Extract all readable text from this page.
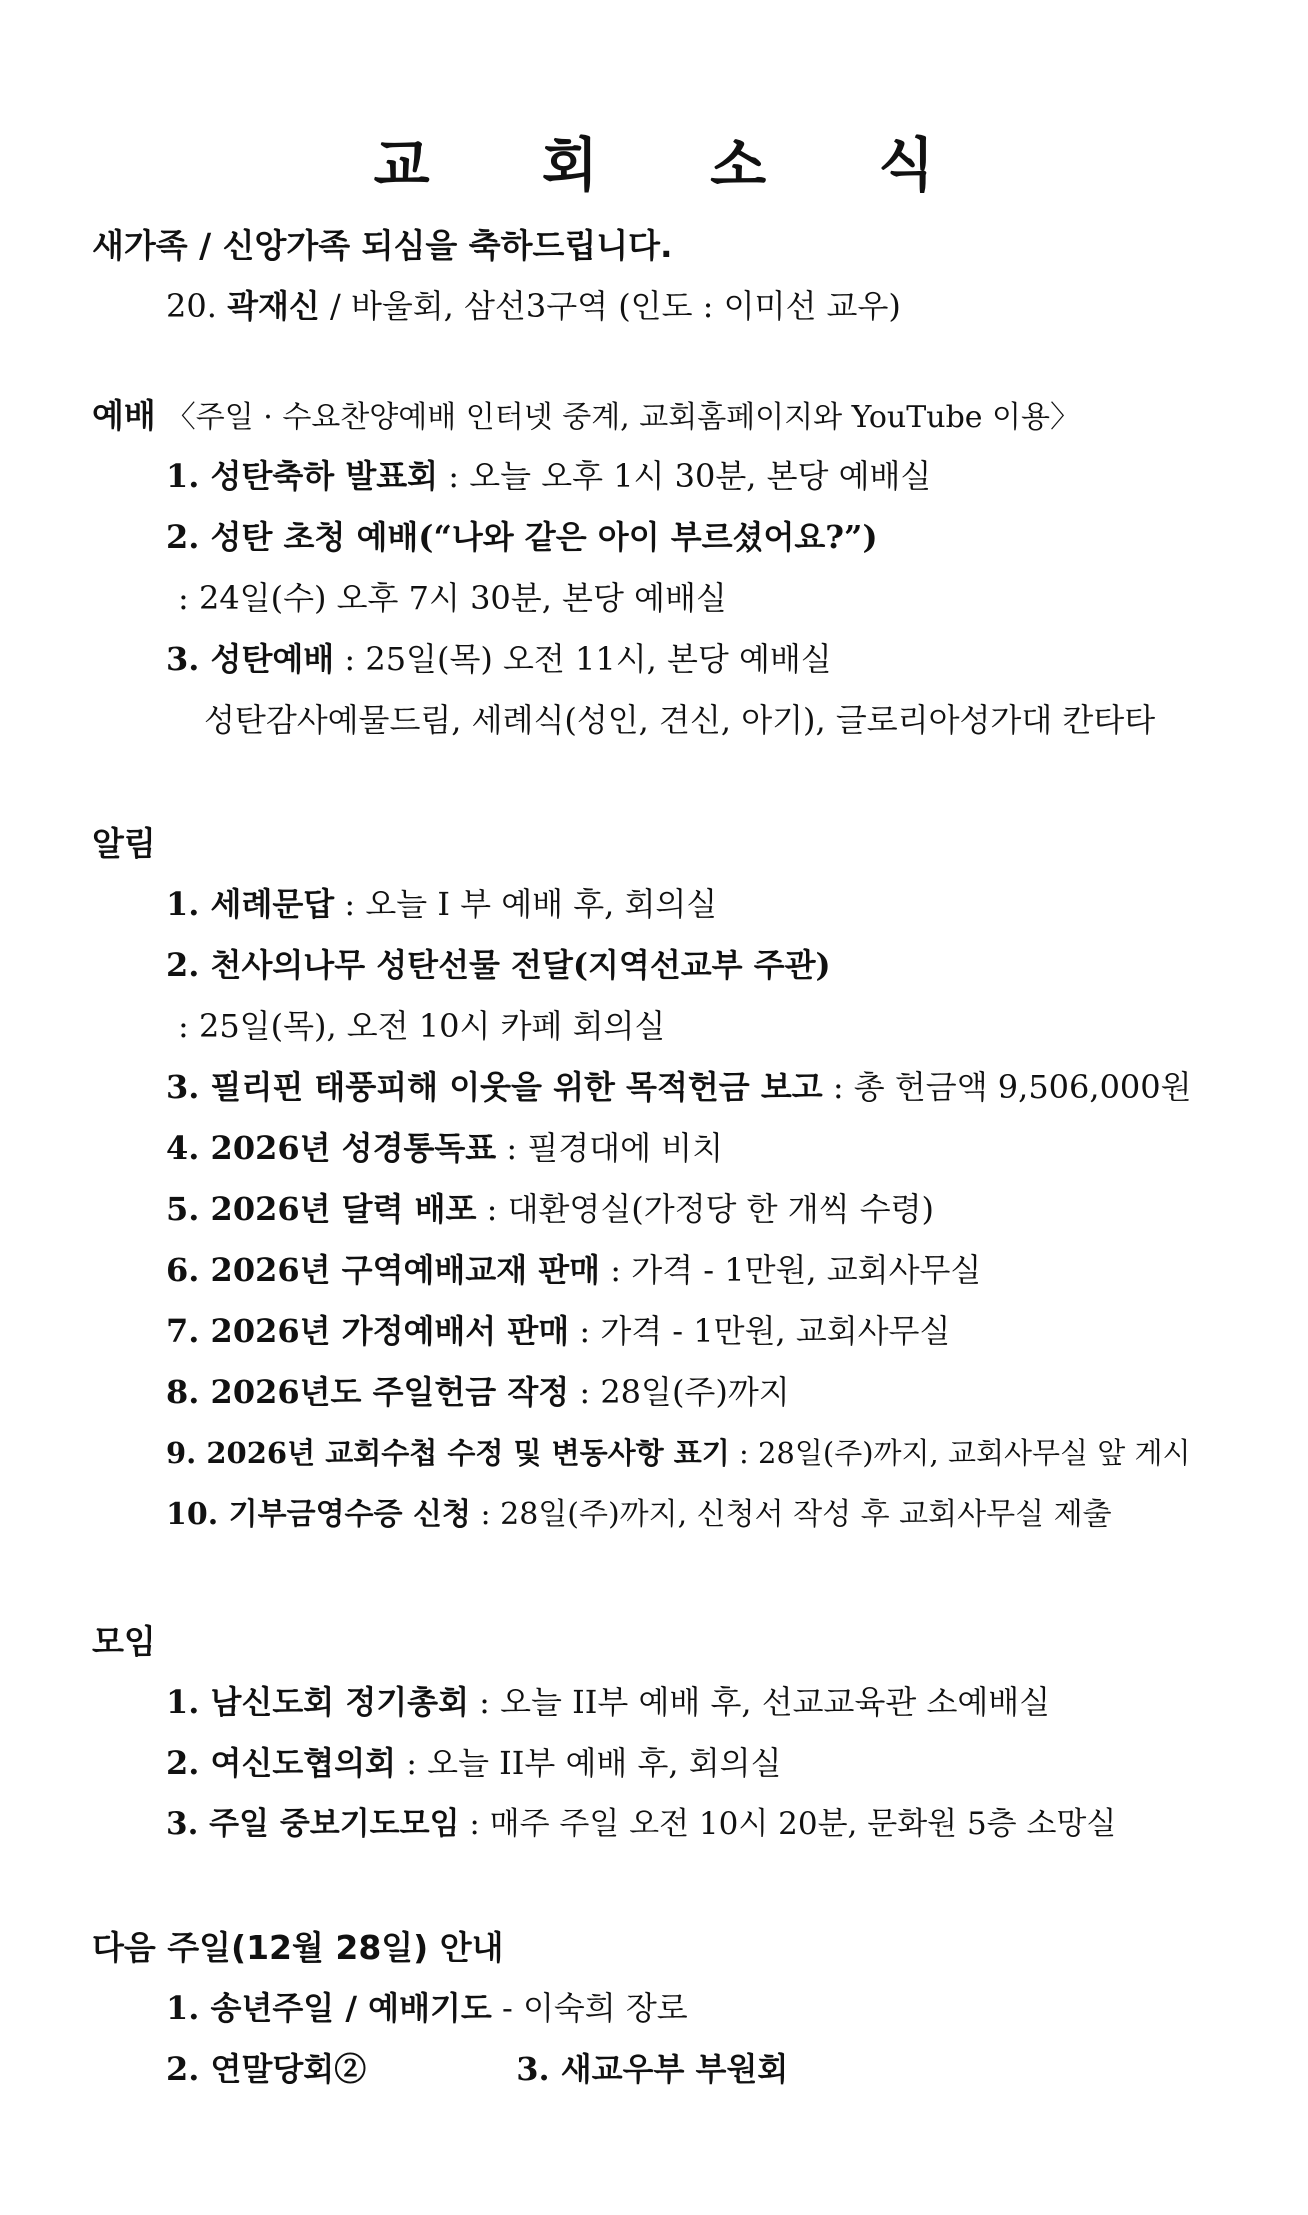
교 회 소 식
새가족 / 신앙가족 되심을 축하드립니다.
20. 곽재신 / 바울회, 삼선3구역 (인도 : 이미선 교우)
예배 〈주일 · 수요찬양예배 인터넷 중계, 교회홈페이지와 YouTube 이용〉
1. 성탄축하 발표회 : 오늘 오후 1시 30분, 본당 예배실
2. 성탄 초청 예배(“나와 같은 아이 부르셨어요?”)
: 24일(수) 오후 7시 30분, 본당 예배실
3. 성탄예배 : 25일(목) 오전 11시, 본당 예배실
성탄감사예물드림, 세례식(성인, 견신, 아기), 글로리아성가대 칸타타
알림
1. 세례문답 : 오늘 I 부 예배 후, 회의실
2. 천사의나무 성탄선물 전달(지역선교부 주관)
: 25일(목), 오전 10시 카페 회의실
3. 필리핀 태풍피해 이웃을 위한 목적헌금 보고 : 총 헌금액 9,506,000원
4. 2026년 성경통독표 : 필경대에 비치
5. 2026년 달력 배포 : 대환영실(가정당 한 개씩 수령)
6. 2026년 구역예배교재 판매 : 가격 - 1만원, 교회사무실
7. 2026년 가정예배서 판매 : 가격 - 1만원, 교회사무실
8. 2026년도 주일헌금 작정 : 28일(주)까지
9. 2026년 교회수첩 수정 및 변동사항 표기 : 28일(주)까지, 교회사무실 앞 게시
10. 기부금영수증 신청 : 28일(주)까지, 신청서 작성 후 교회사무실 제출
모임
1. 남신도회 정기총회 : 오늘 II부 예배 후, 선교교육관 소예배실
2. 여신도협의회 : 오늘 II부 예배 후, 회의실
3. 주일 중보기도모임 : 매주 주일 오전 10시 20분, 문화원 5층 소망실
다음 주일(12월 28일) 안내
1. 송년주일 / 예배기도 - 이숙희 장로
2. 연말당회②	3. 새교우부 부원회
